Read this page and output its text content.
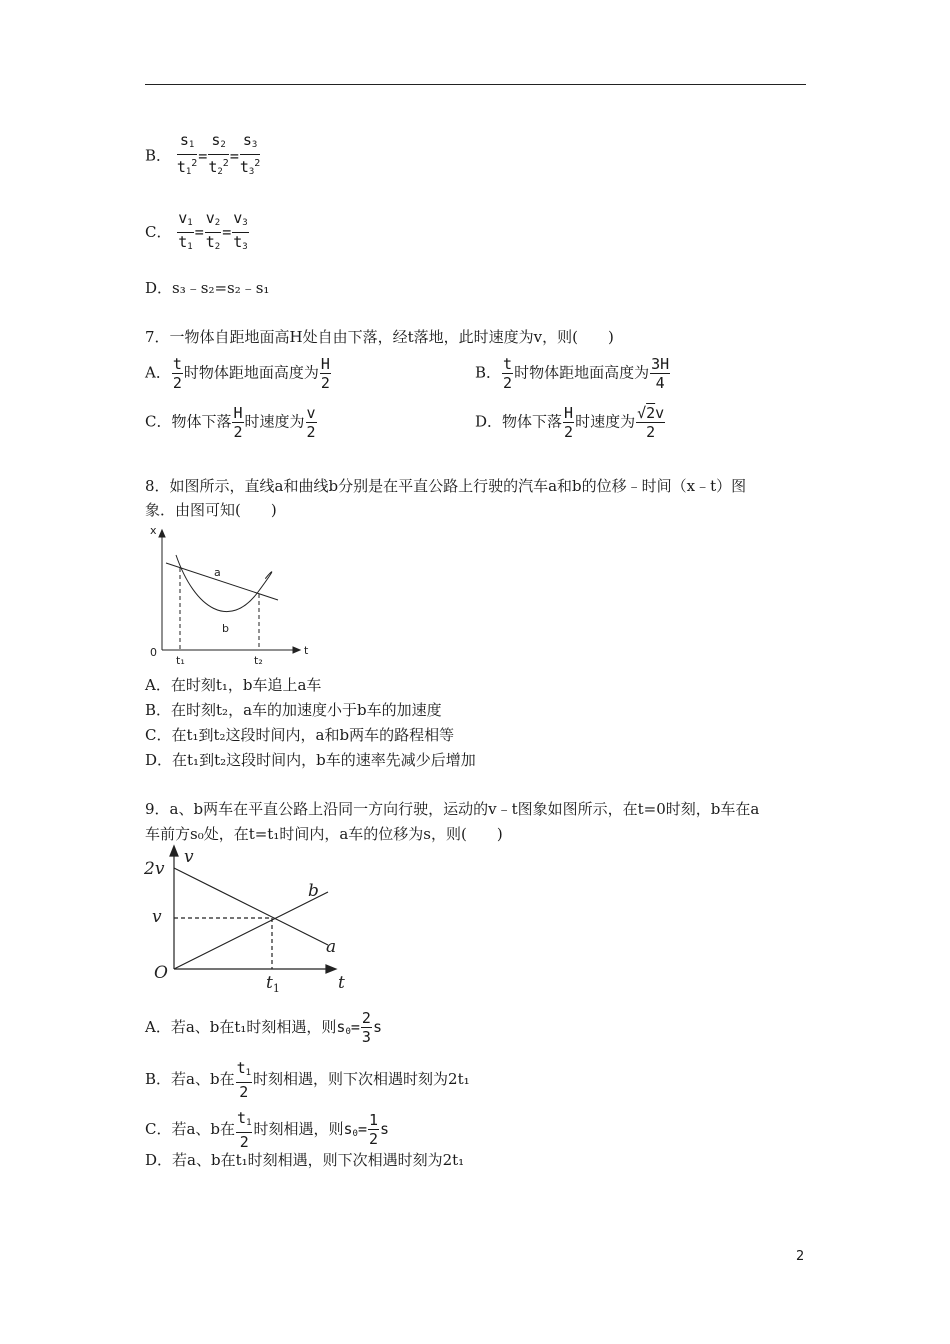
B． $\frac{s_1}{t_1^2} = \frac{s_2}{t_2^2} = \frac{s_3}{t_3^2}$
C． $\frac{v_1}{t_1} = \frac{v_2}{t_2} = \frac{v_3}{t_3}$
D．s₃﹣s₂=s₂﹣s₁
7．一物体自距地面高H处自由下落，经t落地，此时速度为v，则(　　)
A． $\frac{t}{2}$ 时物体距地面高度为 $\frac{H}{2}$	B． $\frac{t}{2}$ 时物体距地面高度为 $\frac{3H}{4}$
C．物体下落 $\frac{H}{2}$ 时速度为 $\frac{v}{2}$	D．物体下落 $\frac{H}{2}$ 时速度为 $\frac{√2v}{2}$
8．如图所示，直线a和曲线b分别是在平直公路上行驶的汽车a和b的位移﹣时间（x﹣t）图
象．由图可知(　　)
x
t
0
t₁	t₂
a
b
A．在时刻t₁，b车追上a车
B．在时刻t₂，a车的加速度小于b车的加速度
C．在t₁到t₂这段时间内，a和b两车的路程相等
D．在t₁到t₂这段时间内，b车的速率先减少后增加
9．a、b两车在平直公路上沿同一方向行驶，运动的v﹣t图象如图所示，在t=0时刻，b车在a
车前方s₀处，在t=t₁时间内，a车的位移为s，则(　　)
v
t
O
2v
v
$t_1$
a
b
A．若a、b在t₁时刻相遇，则$s_0= \frac{2}{3}$ s
B．若a、b在 $\frac{t_1}{2}$ 时刻相遇，则下次相遇时刻为2t₁
C．若a、b在 $\frac{t_1}{2}$ 时刻相遇，则$s_0= \frac{1}{2}$ s
D．若a、b在t₁时刻相遇，则下次相遇时刻为2t₁
2
